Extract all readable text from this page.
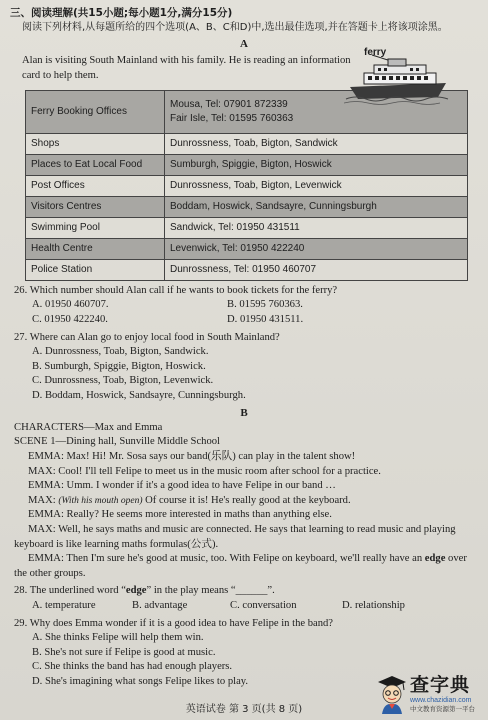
三、阅读理解(共15小题;每小题1分,满分15分)
阅读下列材料,从每题所给的四个选项(A、B、C和D)中,选出最佳选项,并在答题卡上将该项涂黑。
A
ferry
Alan is visiting South Mainland with his family. He is reading an information card to help them.
Ferry Booking Offices	Mousa, Tel: 07901 872339
Fair Isle, Tel: 01595 760363

Shops	Dunrossness, Toab, Bigton, Sandwick

Places to Eat Local Food	Sumburgh, Spiggie, Bigton, Hoswick

Post Offices	Dunrossness, Toab, Bigton, Levenwick

Visitors Centres	Boddam, Hoswick, Sandsayre, Cunningsburgh

Swimming Pool	Sandwick, Tel: 01950 431511

Health Centre	Levenwick, Tel: 01950 422240

Police Station	Dunrossness, Tel: 01950 460707
26. Which number should Alan call if he wants to book tickets for the ferry?
A. 01950 460707.	B. 01595 760363.
C. 01950 422240.	D. 01950 431511.
27. Where can Alan go to enjoy local food in South Mainland?
A. Dunrossness, Toab, Bigton, Sandwick.
B. Sumburgh, Spiggie, Bigton, Hoswick.
C. Dunrossness, Toab, Bigton, Levenwick.
D. Boddam, Hoswick, Sandsayre, Cunningsburgh.
B
CHARACTERS—Max and Emma
SCENE 1—Dining hall, Sunville Middle School
EMMA: Max! Hi! Mr. Sosa says our band(乐队) can play in the talent show!
MAX: Cool! I'll tell Felipe to meet us in the music room after school for a practice.
EMMA: Umm. I wonder if it's a good idea to have Felipe in our band …
MAX: (With his mouth open) Of course it is! He's really good at the keyboard.
EMMA: Really? He seems more interested in maths than anything else.
MAX: Well, he says maths and music are connected. He says that learning to read music and playing keyboard is like learning maths formulas(公式).
EMMA: Then I'm sure he's good at music, too. With Felipe on keyboard, we'll really have an edge over the other groups.
28. The underlined word “edge” in the play means “______”.
A. temperature	B. advantage	C. conversation	D. relationship
29. Why does Emma wonder if it is a good idea to have Felipe in the band?
A. She thinks Felipe will help them win.
B. She's not sure if Felipe is good at music.
C. She thinks the band has had enough players.
D. She's imagining what songs Felipe likes to play.
英语试卷 第 3 页(共 8 页)
查字典
www.chazidian.com
中文教育资源第一平台
